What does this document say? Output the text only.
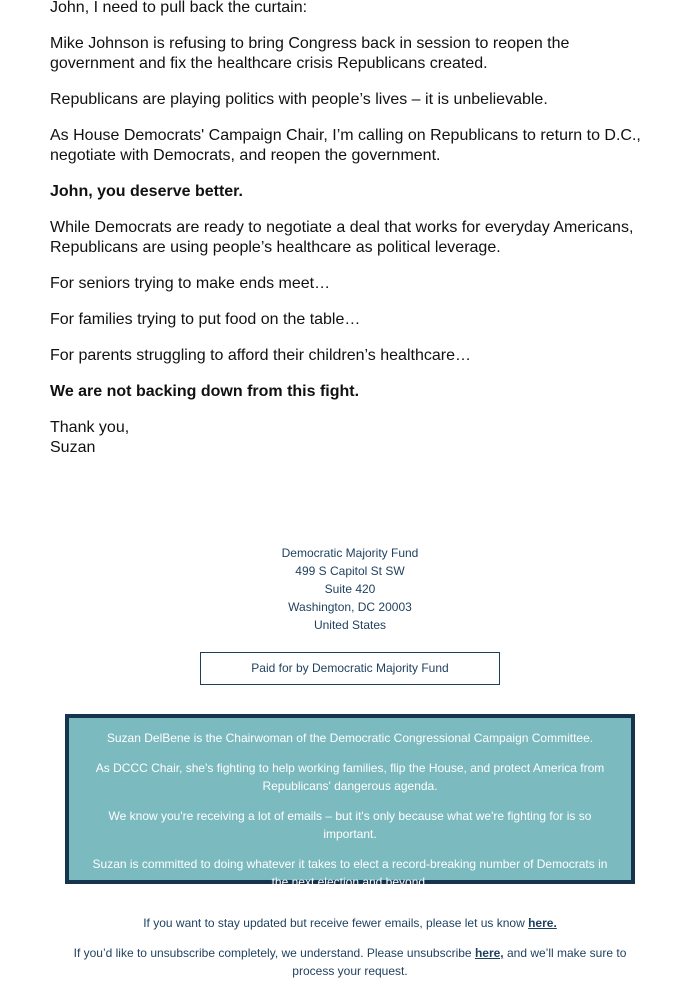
John, I need to pull back the curtain:

Mike Johnson is refusing to bring Congress back in session to reopen the government and fix the healthcare crisis Republicans created.

Republicans are playing politics with people’s lives – it is unbelievable.

As House Democrats' Campaign Chair, I’m calling on Republicans to return to D.C., negotiate with Democrats, and reopen the government.

John, you deserve better.

While Democrats are ready to negotiate a deal that works for everyday Americans, Republicans are using people’s healthcare as political leverage.

For seniors trying to make ends meet…

For families trying to put food on the table…

For parents struggling to afford their children’s healthcare…

We are not backing down from this fight.

Thank you,
Suzan

Democratic Majority Fund
499 S Capitol St SW
Suite 420
Washington, DC 20003
United States
Paid for by Democratic Majority Fund

Suzan DelBene is the Chairwoman of the Democratic Congressional Campaign Committee.

As DCCC Chair, she's fighting to help working families, flip the House, and protect America from Republicans' dangerous agenda.

We know you're receiving a lot of emails – but it's only because what we're fighting for is so important.

Suzan is committed to doing whatever it takes to elect a record-breaking number of Democrats in the next election and beyond.

If you want to stay updated but receive fewer emails, please let us know here.

If you’d like to unsubscribe completely, we understand. Please unsubscribe here, and we’ll make sure to process your request.
